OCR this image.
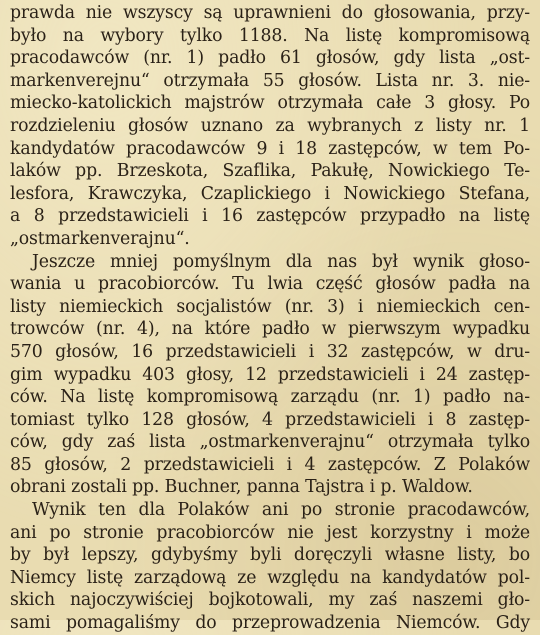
prawda nie wszyscy są uprawnieni do głosowania, przy-
było na wybory tylko 1188. Na listę kompromisową
pracodawców (nr. 1) padło 61 głosów, gdy lista „ost-
markenverejnu“ otrzymała 55 głosów. Lista nr. 3. nie-
miecko-katolickich majstrów otrzymała całe 3 głosy. Po
rozdzieleniu głosów uznano za wybranych z listy nr. 1
kandydatów pracodawców 9 i 18 zastępców, w tem Po-
laków pp. Brzeskota, Szaflika, Pakułę, Nowickiego Te-
lesfora, Krawczyka, Czaplickiego i Nowickiego Stefana,
a 8 przedstawicieli i 16 zastępców przypadło na listę
„ostmarkenverajnu“.
Jeszcze mniej pomyślnym dla nas był wynik głoso-
wania u pracobiorców. Tu lwia część głosów padła na
listy niemieckich socjalistów (nr. 3) i niemieckich cen-
trowców (nr. 4), na które padło w pierwszym wypadku
570 głosów, 16 przedstawicieli i 32 zastępców, w dru-
gim wypadku 403 głosy, 12 przedstawicieli i 24 zastęp-
ców. Na listę kompromisową zarządu (nr. 1) padło na-
tomiast tylko 128 głosów, 4 przedstawicieli i 8 zastęp-
ców, gdy zaś lista „ostmarkenverajnu“ otrzymała tylko
85 głosów, 2 przedstawicieli i 4 zastępców. Z Polaków
obrani zostali pp. Buchner, panna Tajstra i p. Waldow.
Wynik ten dla Polaków ani po stronie pracodawców,
ani po stronie pracobiorców nie jest korzystny i może
by był lepszy, gdybyśmy byli doręczyli własne listy, bo
Niemcy listę zarządową ze względu na kandydatów pol-
skich najoczywiściej bojkotowali, my zaś naszemi gło-
sami pomagaliśmy do przeprowadzenia Niemców. Gdy
